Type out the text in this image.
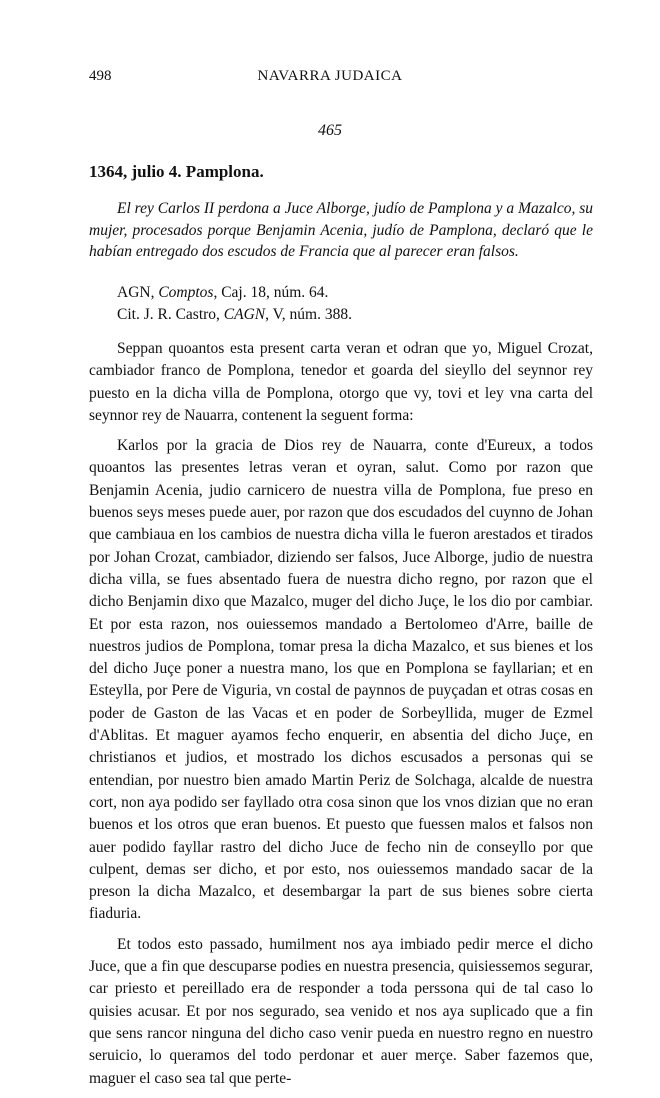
498	NAVARRA JUDAICA
465
1364, julio 4. Pamplona.

El rey Carlos II perdona a Juce Alborge, judío de Pamplona y a Mazalco, su mujer, procesados porque Benjamin Acenia, judío de Pamplona, declaró que le habían entregado dos escudos de Francia que al parecer eran falsos.

AGN, Comptos, Caj. 18, núm. 64.
Cit. J. R. Castro, CAGN, V, núm. 388.

Seppan quoantos esta present carta veran et odran que yo, Miguel Crozat, cambiador franco de Pomplona, tenedor et goarda del sieyllo del seynnor rey puesto en la dicha villa de Pomplona, otorgo que vy, tovi et ley vna carta del seynnor rey de Nauarra, contenent la seguent forma:

Karlos por la gracia de Dios rey de Nauarra, conte d'Eureux, a todos quoantos las presentes letras veran et oyran, salut. Como por razon que Benjamin Acenia, judio carnicero de nuestra villa de Pomplona, fue preso en buenos seys meses puede auer, por razon que dos escudados del cuynno de Johan que cambiaua en los cambios de nuestra dicha villa le fueron arestados et tirados por Johan Crozat, cambiador, diziendo ser falsos, Juce Alborge, judio de nuestra dicha villa, se fues absentado fuera de nuestra dicho regno, por razon que el dicho Benjamin dixo que Mazalco, muger del dicho Juçe, le los dio por cambiar. Et por esta razon, nos ouiessemos mandado a Bertolomeo d'Arre, baille de nuestros judios de Pomplona, tomar presa la dicha Mazalco, et sus bienes et los del dicho Juçe poner a nuestra mano, los que en Pomplona se fayllarian; et en Esteylla, por Pere de Viguria, vn costal de paynnos de puyçadan et otras cosas en poder de Gaston de las Vacas et en poder de Sorbeyllida, muger de Ezmel d'Ablitas. Et maguer ayamos fecho enquerir, en absentia del dicho Juçe, en christianos et judios, et mostrado los dichos escusados a personas qui se entendian, por nuestro bien amado Martin Periz de Solchaga, alcalde de nuestra cort, non aya podido ser fayllado otra cosa sinon que los vnos dizian que no eran buenos et los otros que eran buenos. Et puesto que fuessen malos et falsos non auer podido fayllar rastro del dicho Juce de fecho nin de conseyllo por que culpent, demas ser dicho, et por esto, nos ouiessemos mandado sacar de la preson la dicha Mazalco, et desembargar la part de sus bienes sobre cierta fiaduria.

Et todos esto passado, humilment nos aya imbiado pedir merce el dicho Juce, que a fin que descuparse podies en nuestra presencia, quisiessemos segurar, car priesto et pereillado era de responder a toda perssona qui de tal caso lo quisies acusar. Et por nos segurado, sea venido et nos aya suplicado que a fin que sens rancor ninguna del dicho caso venir pueda en nuestro regno en nuestro seruicio, lo queramos del todo perdonar et auer merçe. Saber fazemos que, maguer el caso sea tal que perte-
